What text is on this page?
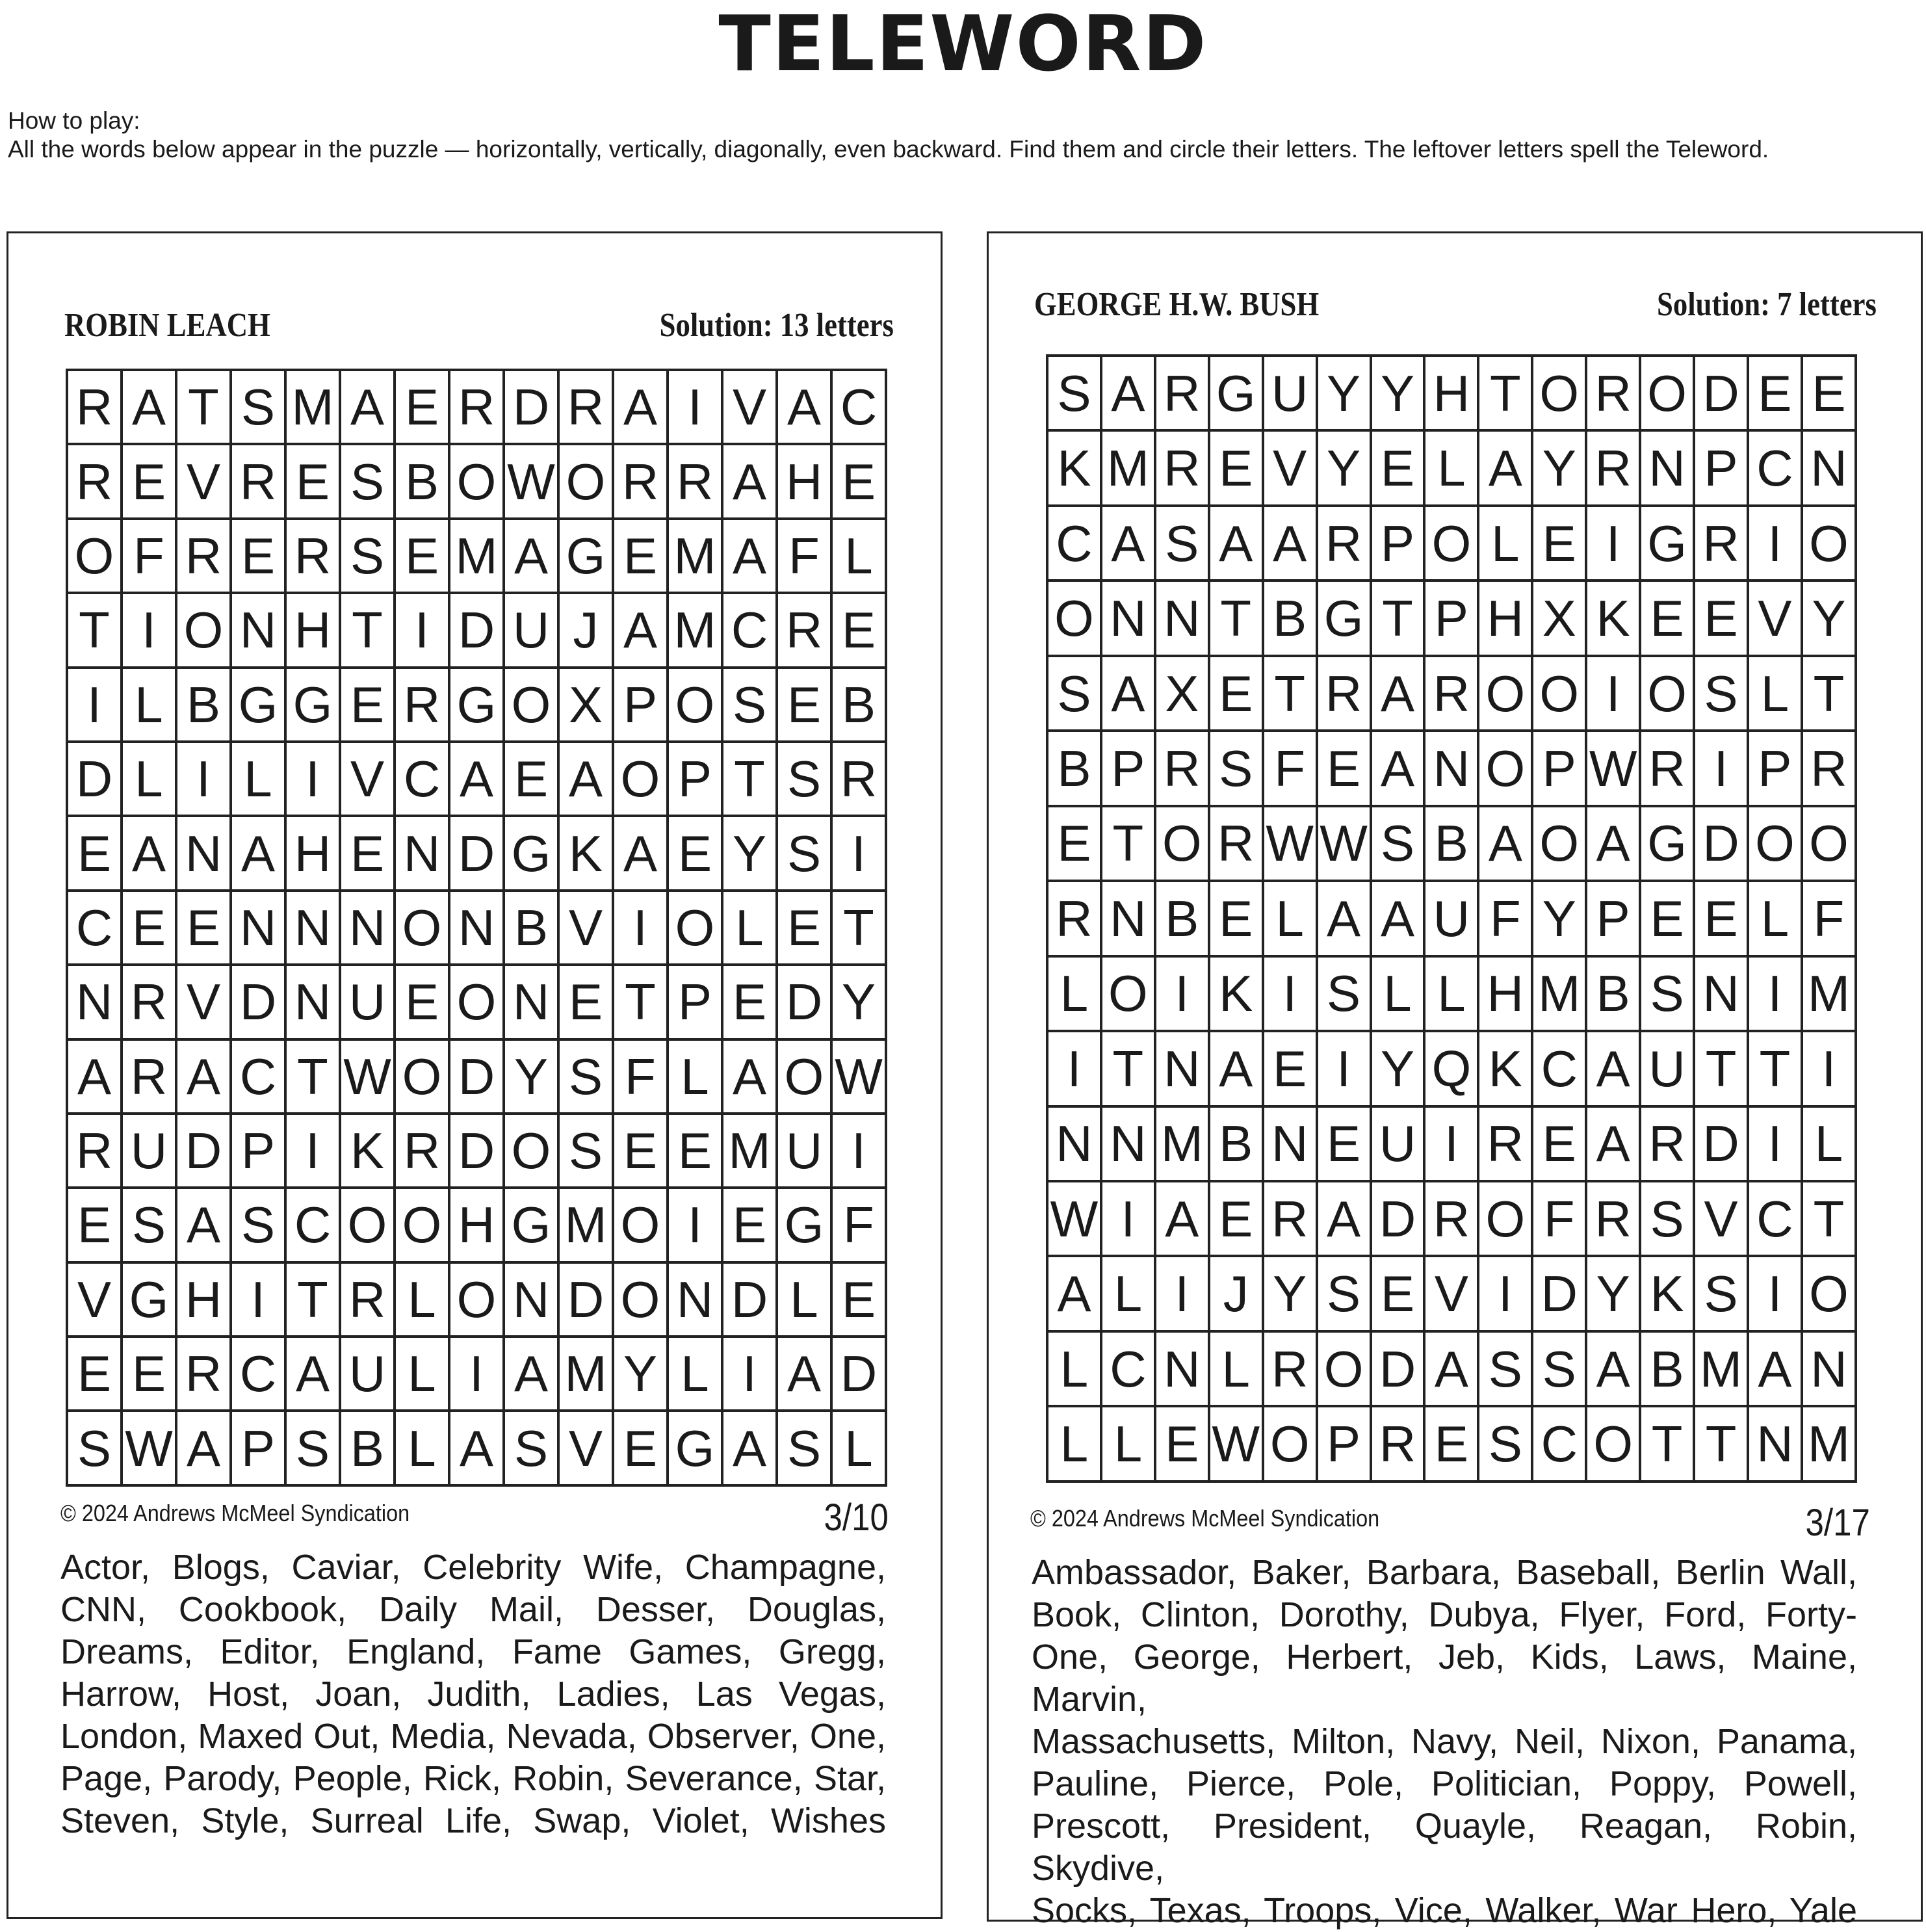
TELEWORD
How to play:
All the words below appear in the puzzle — horizontally, vertically, diagonally, even backward. Find them and circle their letters. The leftover letters spell the Teleword.
ROBIN LEACH	Solution: 13 letters
R	A	T	S	M	A	E	R	D	R	A	I	V	A	C
R	E	V	R	E	S	B	O	W	O	R	R	A	H	E
O	F	R	E	R	S	E	M	A	G	E	M	A	F	L
T	I	O	N	H	T	I	D	U	J	A	M	C	R	E
I	L	B	G	G	E	R	G	O	X	P	O	S	E	B
D	L	I	L	I	V	C	A	E	A	O	P	T	S	R
E	A	N	A	H	E	N	D	G	K	A	E	Y	S	I
C	E	E	N	N	N	O	N	B	V	I	O	L	E	T
N	R	V	D	N	U	E	O	N	E	T	P	E	D	Y
A	R	A	C	T	W	O	D	Y	S	F	L	A	O	W
R	U	D	P	I	K	R	D	O	S	E	E	M	U	I
E	S	A	S	C	O	O	H	G	M	O	I	E	G	F
V	G	H	I	T	R	L	O	N	D	O	N	D	L	E
E	E	R	C	A	U	L	I	A	M	Y	L	I	A	D
S	W	A	P	S	B	L	A	S	V	E	G	A	S	L
© 2024 Andrews McMeel Syndication	3/10
Actor, Blogs, Caviar, Celebrity Wife, Champagne,
CNN, Cookbook, Daily Mail, Desser, Douglas,
Dreams, Editor, England, Fame Games, Gregg,
Harrow, Host, Joan, Judith, Ladies, Las Vegas,
London, Maxed Out, Media, Nevada, Observer, One,
Page, Parody, People, Rick, Robin, Severance, Star,
Steven, Style, Surreal Life, Swap, Violet, Wishes
GEORGE H.W. BUSH	Solution: 7 letters
S	A	R	G	U	Y	Y	H	T	O	R	O	D	E	E
K	M	R	E	V	Y	E	L	A	Y	R	N	P	C	N
C	A	S	A	A	R	P	O	L	E	I	G	R	I	O
O	N	N	T	B	G	T	P	H	X	K	E	E	V	Y
S	A	X	E	T	R	A	R	O	O	I	O	S	L	T
B	P	R	S	F	E	A	N	O	P	W	R	I	P	R
E	T	O	R	W	W	S	B	A	O	A	G	D	O	O
R	N	B	E	L	A	A	U	F	Y	P	E	E	L	F
L	O	I	K	I	S	L	L	H	M	B	S	N	I	M
I	T	N	A	E	I	Y	Q	K	C	A	U	T	T	I
N	N	M	B	N	E	U	I	R	E	A	R	D	I	L
W	I	A	E	R	A	D	R	O	F	R	S	V	C	T
A	L	I	J	Y	S	E	V	I	D	Y	K	S	I	O
L	C	N	L	R	O	D	A	S	S	A	B	M	A	N
L	L	E	W	O	P	R	E	S	C	O	T	T	N	M
© 2024 Andrews McMeel Syndication	3/17
Ambassador, Baker, Barbara, Baseball, Berlin Wall,
Book, Clinton, Dorothy, Dubya, Flyer, Ford, Forty-
One, George, Herbert, Jeb, Kids, Laws, Maine, Marvin,
Massachusetts, Milton, Navy, Neil, Nixon, Panama,
Pauline, Pierce, Pole, Politician, Poppy, Powell,
Prescott, President, Quayle, Reagan, Robin, Skydive,
Socks, Texas, Troops, Vice, Walker, War Hero, Yale
